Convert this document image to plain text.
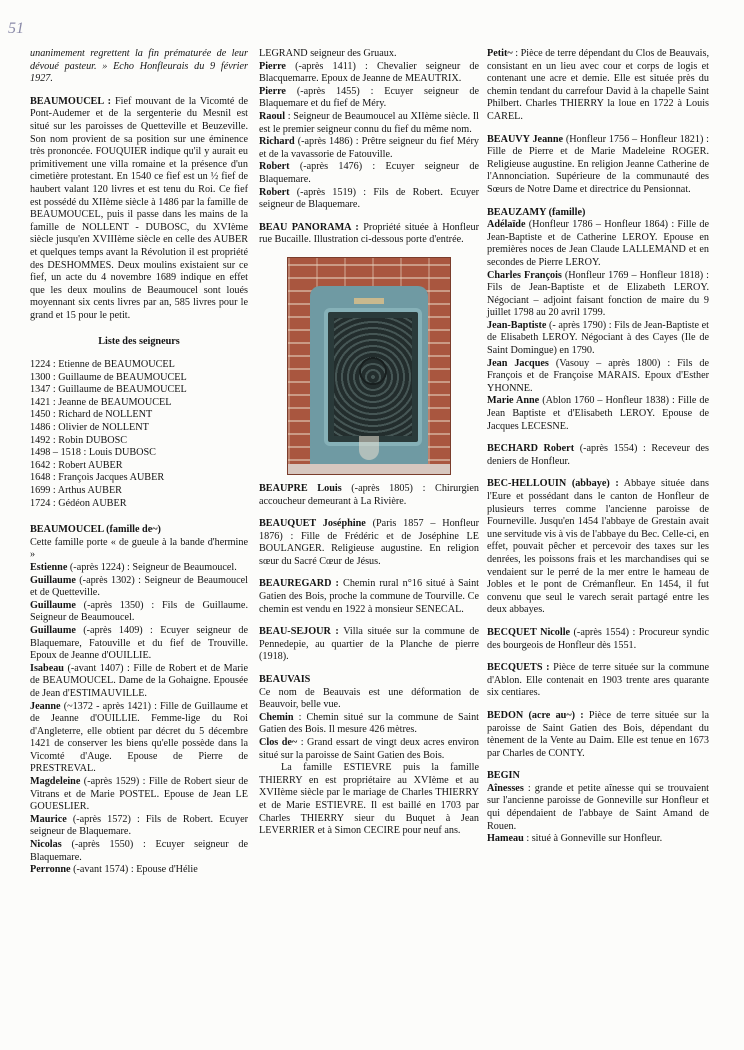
51

unanimement regrettent la fin prématurée de leur dévoué pasteur. » Echo Honfleurais du 9 février 1927.

BEAUMOUCEL : Fief mouvant de la Vicomté de Pont-Audemer et de la sergenterie du Mesnil est situé sur les paroisses de Quetteville et Beuzeville. Son nom provient de sa position sur une éminence très prononcée. FOUQUIER indique qu'il y aurait eu primitivement une villa romaine et la présence d'un cimetière protestant. En 1540 ce fief est un ½ fief de haubert valant 120 livres et est tenu du Roi. Ce fief est possédé du XIIème siècle à 1486 par la famille de BEAUMOUCEL, puis il passe dans les mains de la famille de NOLLENT - DUBOSC, du XVIème siècle jusqu'en XVIIIème siècle en celle des AUBER et quelques temps avant la Révolution il est propriété des DESHOMMES. Deux moulins existaient sur ce fief, un acte du 4 novembre 1689 indique en effet que les deux moulins de Beaumoucel sont loués moyennant six cents livres par an, 585 livres pour le grand et 15 pour le petit.

Liste des seigneurs

1224 : Etienne de BEAUMOUCEL
1300 : Guillaume de BEAUMOUCEL
1347 : Guillaume de BEAUMOUCEL
1421 : Jeanne de BEAUMOUCEL
1450 : Richard de NOLLENT
1486 : Olivier de NOLLENT
1492 : Robin DUBOSC
1498 – 1518 : Louis DUBOSC
1642 : Robert AUBER
1648 : François Jacques AUBER
1699 : Arthus AUBER
1724 : Gédéon AUBER

BEAUMOUCEL (famille de~)

Cette famille porte « de gueule à la bande d'hermine »

Estienne (-après 1224) : Seigneur de Beaumoucel.

Guillaume (-après 1302) : Seigneur de Beaumoucel et de Quetteville.

Guillaume (-après 1350) : Fils de Guillaume. Seigneur de Beaumoucel.

Guillaume (-après 1409) : Ecuyer seigneur de Blaquemare, Fatouville et du fief de Trouville. Epoux de Jeanne d'OUILLIE.

Isabeau (-avant 1407) : Fille de Robert et de Marie de BEAUMOUCEL. Dame de la Gohaigne. Epousée de Jean d'ESTIMAUVILLE.

Jeanne (~1372 - après 1421) : Fille de Guillaume et de Jeanne d'OUILLIE. Femme-lige du Roi d'Angleterre, elle obtient par décret du 5 décembre 1421 de conserver les biens qu'elle possède dans la Vicomté d'Auge. Epouse de Pierre de PRESTREVAL.

Magdeleine (-après 1529) : Fille de Robert sieur de Vitrans et de Marie POSTEL. Epouse de Jean LE GOUESLIER.

Maurice (-après 1572) : Fils de Robert. Ecuyer seigneur de Blaquemare.

Nicolas (-après 1550) : Ecuyer seigneur de Blaquemare.

Perronne (-avant 1574) : Epouse d'Hélie

LEGRAND seigneur des Gruaux.

Pierre (-après 1411) : Chevalier seigneur de Blacquemarre. Epoux de Jeanne de MEAUTRIX.

Pierre (-après 1455) : Ecuyer seigneur de Blaquemare et du fief de Méry.

Raoul : Seigneur de Beaumoucel au XIIème siècle. Il est le premier seigneur connu du fief du même nom.

Richard (-après 1486) : Prêtre seigneur du fief Méry et de la vavassorie de Fatouville.

Robert (-après 1476) : Ecuyer seigneur de Blaquemare.

Robert (-après 1519) : Fils de Robert. Ecuyer seigneur de Blaquemare.

BEAU PANORAMA : Propriété située à Honfleur rue Bucaille. Illustration ci-dessous porte d'entrée.

BEAUPRE Louis (-après 1805) : Chirurgien accoucheur demeurant à La Rivière.

BEAUQUET Joséphine (Paris 1857 – Honfleur 1876) : Fille de Frédéric et de Joséphine LE BOULANGER. Religieuse augustine. En religion sœur du Sacré Cœur de Jésus.

BEAUREGARD : Chemin rural n°16 situé à Saint Gatien des Bois, proche la commune de Tourville. Ce chemin est vendu en 1922 à monsieur SENECAL.

BEAU-SEJOUR : Villa située sur la commune de Pennedepie, au quartier de la Planche de pierre (1918).

BEAUVAIS

Ce nom de Beauvais est une déformation de Beauvoir, belle vue.

Chemin : Chemin situé sur la commune de Saint Gatien des Bois. Il mesure 426 mètres.

Clos de~ : Grand essart de vingt deux acres environ situé sur la paroisse de Saint Gatien des Bois.

La famille ESTIEVRE puis la famille THIERRY en est propriétaire au XVIème et au XVIIème siècle par le mariage de Charles THIERRY et de Marie ESTIEVRE. Il est baillé en 1703 par Charles THIERRY sieur du Buquet à Jean LEVERRIER et à Simon CECIRE pour neuf ans.

Petit~ : Pièce de terre dépendant du Clos de Beauvais, consistant en un lieu avec cour et corps de logis et contenant une acre et demie. Elle est située près du chemin tendant du carrefour David à la chapelle Saint Philbert. Charles THIERRY la loue en 1722 à Louis CAREL.

BEAUVY Jeanne (Honfleur 1756 – Honfleur 1821) : Fille de Pierre et de Marie Madeleine ROGER. Religieuse augustine. En religion Jeanne Catherine de l'Annonciation. Supérieure de la communauté des Sœurs de Notre Dame et directrice du Pensionnat.

BEAUZAMY (famille)

Adélaïde (Honfleur 1786 – Honfleur 1864) : Fille de Jean-Baptiste et de Catherine LEROY. Epouse en premières noces de Jean Claude LALLEMAND et en secondes de Pierre LEROY.

Charles François (Honfleur 1769 – Honfleur 1818) : Fils de Jean-Baptiste et de Elizabeth LEROY. Négociant – adjoint faisant fonction de maire du 9 juillet 1798 au 20 avril 1799.

Jean-Baptiste (- après 1790) : Fils de Jean-Baptiste et de Elisabeth LEROY. Négociant à des Cayes (Ile de Saint Domingue) en 1790.

Jean Jacques (Vasouy – après 1800) : Fils de François et de Françoise MARAIS. Epoux d'Esther YHONNE.

Marie Anne (Ablon 1760 – Honfleur 1838) : Fille de Jean Baptiste et d'Elisabeth LEROY. Epouse de Jacques LECESNE.

BECHARD Robert (-après 1554) : Receveur des deniers de Honfleur.

BEC-HELLOUIN (abbaye) : Abbaye située dans l'Eure et possédant dans le canton de Honfleur de plusieurs terres comme l'ancienne paroisse de Fourneville. Jusqu'en 1454 l'abbaye de Grestain avait une servitude vis à vis de l'abbaye du Bec. Celle-ci, en effet, pouvait pêcher et percevoir des taxes sur les denrées, les poissons frais et les marchandises qui se vendaient sur le perré de la mer entre le hameau de Jobles et le pont de Crémanfleur. En 1454, il fut convenu que seul le varech serait partagé entre les deux abbayes.

BECQUET Nicolle (-après 1554) : Procureur syndic des bourgeois de Honfleur dès 1551.

BECQUETS : Pièce de terre située sur la commune d'Ablon. Elle contenait en 1903 trente ares quarante six centiares.

BEDON (acre au~) : Pièce de terre située sur la paroisse de Saint Gatien des Bois, dépendant du tènement de la Vente au Daim. Elle est tenue en 1673 par Charles de CONTY.

BEGIN

Aînesses : grande et petite aînesse qui se trouvaient sur l'ancienne paroisse de Gonneville sur Honfleur et qui dépendaient de l'abbaye de Saint Amand de Rouen.

Hameau : situé à Gonneville sur Honfleur.
